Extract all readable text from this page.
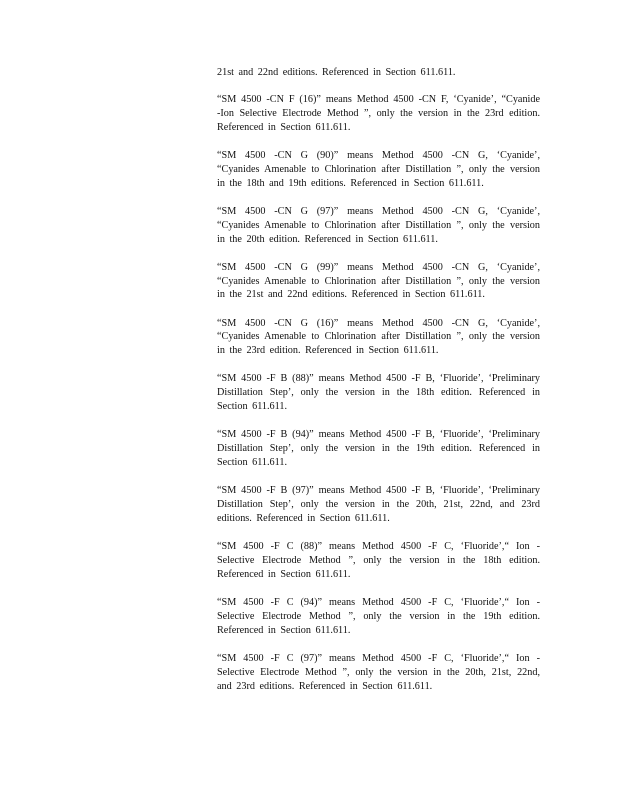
21st and 22nd editions. Referenced in Section 611.611.

“SM 4500 -CN F (16)” means Method 4500 -CN F, ‘Cyanide’, “Cyanide -Ion Selective Electrode Method ”, only the version in the 23rd edition. Referenced in Section 611.611.

“SM 4500 -CN G (90)” means Method 4500 -CN G, ‘Cyanide’, “Cyanides Amenable to Chlorination after Distillation ”, only the version in the 18th and 19th editions. Referenced in Section 611.611.

“SM 4500 -CN G (97)” means Method 4500 -CN G, ‘Cyanide’, “Cyanides Amenable to Chlorination after Distillation ”, only the version in the 20th edition. Referenced in Section 611.611.

“SM 4500 -CN G (99)” means Method 4500 -CN G, ‘Cyanide’, “Cyanides Amenable to Chlorination after Distillation ”, only the version in the 21st and 22nd editions. Referenced in Section 611.611.

“SM 4500 -CN G (16)” means Method 4500 -CN G, ‘Cyanide’, “Cyanides Amenable to Chlorination after Distillation ”, only the version in the 23rd edition. Referenced in Section 611.611.

“SM 4500 -F B (88)” means Method 4500 -F B, ‘Fluoride’, ‘Preliminary Distillation Step’, only the version in the 18th edition. Referenced in Section 611.611.

“SM 4500 -F B (94)” means Method 4500 -F B, ‘Fluoride’, ‘Preliminary Distillation Step’, only the version in the 19th edition. Referenced in Section 611.611.

“SM 4500 -F B (97)” means Method 4500 -F B, ‘Fluoride’, ‘Preliminary Distillation Step’, only the version in the 20th, 21st, 22nd, and 23rd editions. Referenced in Section 611.611.

“SM 4500 -F C (88)” means Method 4500 -F C, ‘Fluoride’,“ Ion - Selective Electrode Method ”, only the version in the 18th edition. Referenced in Section 611.611.

“SM 4500 -F C (94)” means Method 4500 -F C, ‘Fluoride’,“ Ion - Selective Electrode Method ”, only the version in the 19th edition. Referenced in Section 611.611.

“SM 4500 -F C (97)” means Method 4500 -F C, ‘Fluoride’,“ Ion - Selective Electrode Method ”, only the version in the 20th, 21st, 22nd, and 23rd editions. Referenced in Section 611.611.
